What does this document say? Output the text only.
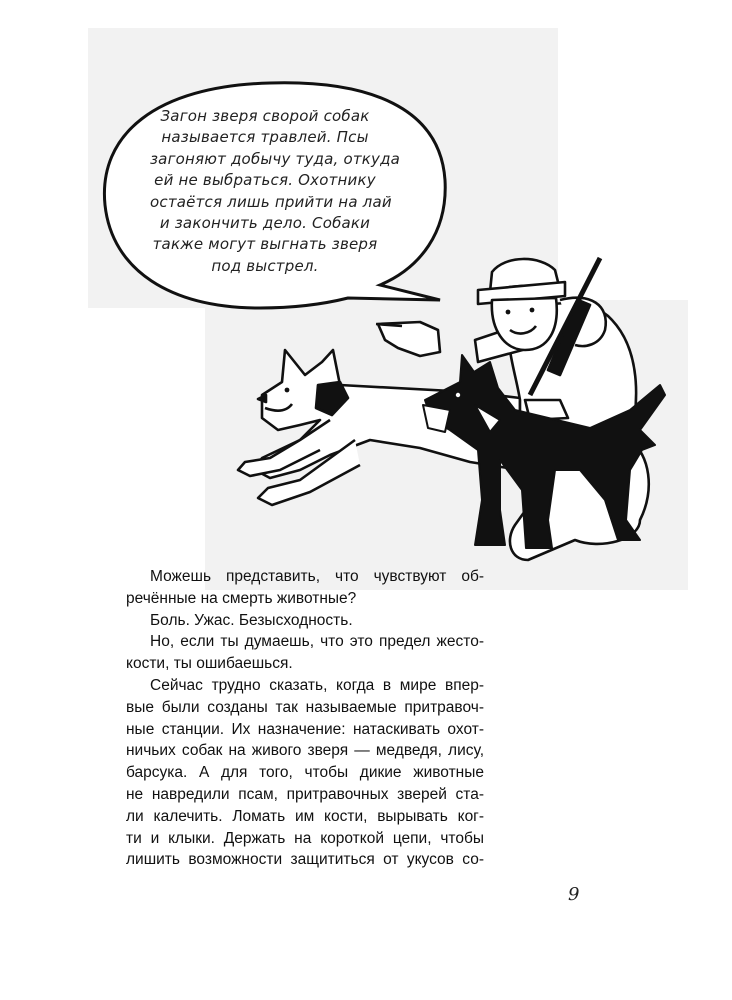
Загон зверя сворой собак
называется травлей. Псы
загоняют добычу туда, откуда
ей не выбраться. Охотнику
остаётся лишь прийти на лай
и закончить дело. Собаки
также могут выгнать зверя
под выстрел.
Можешь представить, что чувствуют об-
речённые на смерть животные?
Боль. Ужас. Безысходность.
Но, если ты думаешь, что это предел жесто-
кости, ты ошибаешься.
Сейчас трудно сказать, когда в мире впер-
вые были созданы так называемые притравоч-
ные станции. Их назначение: натаскивать охот-
ничьих собак на живого зверя — медведя, лису,
барсука. А для того, чтобы дикие животные
не навредили псам, притравочных зверей ста-
ли калечить. Ломать им кости, вырывать ког-
ти и клыки. Держать на короткой цепи, чтобы
лишить возможности защититься от укусов со-
9
